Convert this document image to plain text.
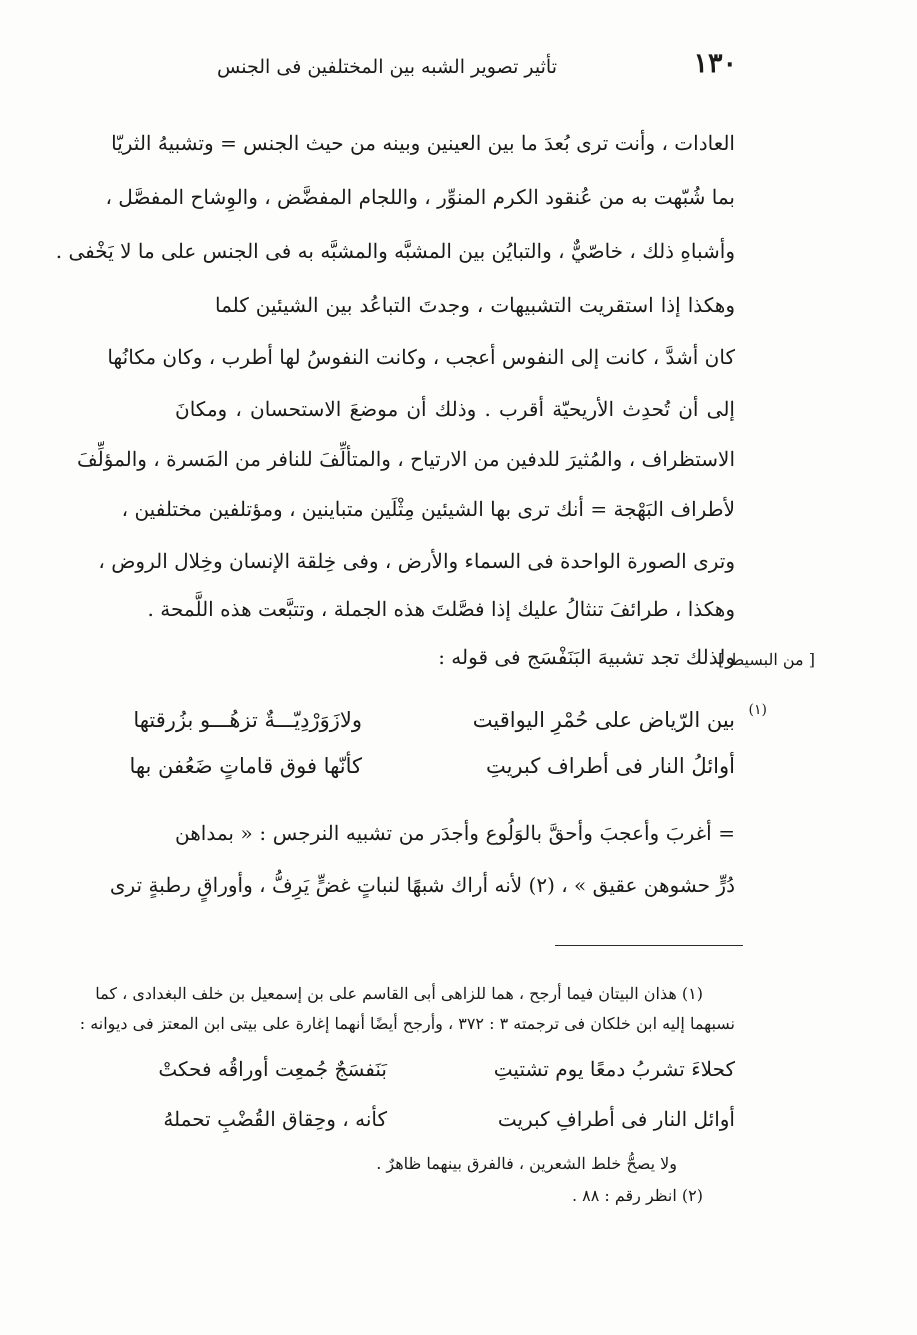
١٣٠
تأثير تصوير الشبه بين المختلفين فى الجنس
العادات ، وأنت ترى بُعدَ ما بين العينين وبينه من حيث الجنس = وتشبيهُ الثريّا
بما شُبّهت به من عُنقود الكرم المنوِّر ، واللجام المفضَّض ، والوِشاح المفصَّل ،
وأشباهِ ذلك ، خاصّيٌّ ، والتبايُن بين المشبَّه والمشبَّه به فى الجنس على ما لا يَخْفى .
وهكذا إذا استقريت التشبيهات ، وجدتَ التباعُد بين الشيئين كلما
كان أشدَّ ، كانت إلى النفوس أعجب ، وكانت النفوسُ لها أطرب ، وكان مكانُها
إلى أن تُحدِث الأريحيّة أقرب . وذلك أن موضعَ الاستحسان ، ومكانَ
الاستظراف ، والمُثيرَ للدفين من الارتياح ، والمتألِّفَ للنافر من المَسرة ، والمؤلِّفَ
لأطراف البَهْجة = أنك ترى بها الشيئين مِثْلَين متباينين ، ومؤتلفين مختلفين ،
وترى الصورة الواحدة فى السماء والأرض ، وفى خِلقة الإنسان وخِلال الروض ،
وهكذا ، طرائفَ تنثالُ عليك إذا فصَّلتَ هذه الجملة ، وتتبَّعت هذه اللَّمحة .
ولذلك تجد تشبيهَ البَنَفْسَج فى قوله :
[ من البسيط ]
ولازَوَرْدِيّـــةٌ تزهُـــو بزُرقتها	بين الرّياض على حُمْرِ اليواقيت (١)
كأنّها فوق قاماتٍ ضَعُفن بها	أوائلُ النار فى أطراف كبريتِ
= أغربَ وأعجبَ وأحقَّ بالوَلُوع وأجدَر من تشبيه النرجس : « بمداهن
دُرٍّ حشوهن عقيق » ، (٢) لأنه أراك شبهًا لنباتٍ غضٍّ يَرِفُّ ، وأوراقٍ رطبةٍ ترى
(١) هذان البيتان فيما أرجح ، هما للزاهى أبى القاسم على بن إسمعيل بن خلف البغدادى ، كما
نسبهما إليه ابن خلكان فى ترجمته ٣ : ٣٧٢ ، وأرجح أيضًا أنهما إغارة على بيتى ابن المعتز فى ديوانه :
بَنَفسَجٌ جُمعِت أوراقُه فحكتْ	كحلاءَ تشربُ دمعًا يوم تشتيتِ
كأنه ، وحِقاق القُضْبِ تحملهُ	أوائل النار فى أطرافِ كبريت
ولا يصحُّ خلط الشعرين ، فالفرق بينهما ظاهرٌ .
(٢) انظر رقم : ٨٨ .
